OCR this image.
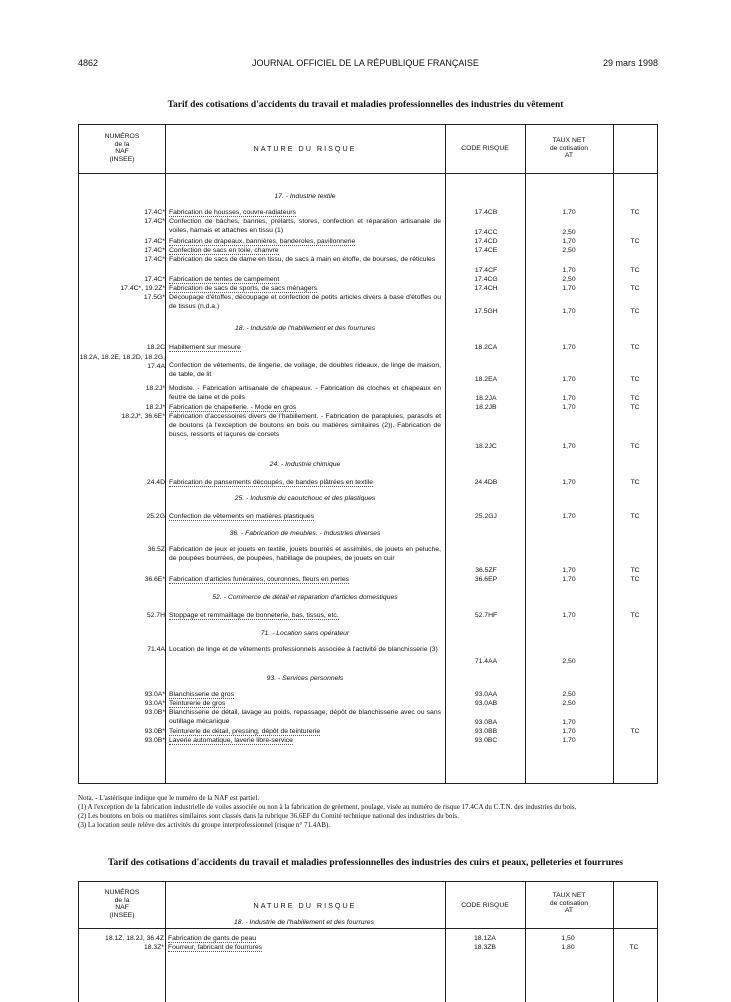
4862	JOURNAL OFFICIEL DE LA RÉPUBLIQUE FRANÇAISE	29 mars 1998
Tarif des cotisations d'accidents du travail et maladies professionnelles des industries du vêtement
NUMÉROS
de la
NAF
(INSEE)
NATURE DU RISQUE	CODE RISQUE
TAUX NET
de cotisation
AT
17. - Industrie textile
17.4C* Fabrication de housses, couvre-radiateurs	17.4CB	1,70	TC
17.4C* Confection de bâches, bannes, prélarts, stores, confection et réparation artisanale de voiles, harnais et attaches en tissu (1)	17.4CC	2,50
17.4C* Fabrication de drapeaux, bannières, banderoles, pavillonnerie	17.4CD	1,70	TC
17.4C* Confection de sacs en toile, chanvre	17.4CE	2,50
17.4C* Fabrication de sacs de dame en tissu, de sacs à main en étoffe, de bourses, de réticules
17.4CF	1,70	TC
17.4C* Fabrication de tentes de campement	17.4CG	2,50
17.4C*, 19.2Z* Fabrication de sacs de sports, de sacs ménagers	17.4CH	1,70	TC
17.5G* Découpage d'étoffes, découpage et confection de petits articles divers à base d'étoffes ou de tissus (n.d.a.)
17.5GH	1,70	TC
18. - Industrie de l'habillement et des fourrures
18.2C Habillement sur mesure	18.2CA	1,70	TC
18.2A, 18.2E, 18.2D, 18.2G, 17.4A Confection de vêtements, de lingerie, de voilage, de doubles rideaux, de linge de maison, de table, de lit
18.2EA	1,70	TC
18.2J* Modiste. - Fabrication artisanale de chapeaux. - Fabrication de cloches et chapeaux en feutre de laine et de poils	18.2JA	1,70	TC
18.2J* Fabrication de chapellerie. - Mode en gros	18.2JB	1,70	TC
18.2J*, 36.6E* Fabrication d'accessoires divers de l'habillement. - Fabrication de parapluies, parasols et de boutons (à l'exception de boutons en bois ou matières similaires (2)). Fabrication de buscs, ressorts et laçures de corsets
18.2JC	1,70	TC
24. - Industrie chimique
24.4D Fabrication de pansements découpés, de bandes plâtrées en textile	24.4DB	1,70	TC
25. - Industrie du caoutchouc et des plastiques
25.2G Confection de vêtements en matières plastiques	25.2GJ	1,70	TC
36. - Fabrication de meubles. - Industries diverses
36.5Z Fabrication de jeux et jouets en textile, jouets bourrés et assimilés, de jouets en peluche, de poupées bourrées, de poupées, habillage de poupées, de jouets en cuir
36.5ZF	1,70	TC
36.6E* Fabrication d'articles funéraires, couronnes, fleurs en perles	36.6EP	1,70	TC
52. - Commerce de détail et réparation d'articles domestiques
52.7H Stoppage et remmaillage de bonneterie, bas, tissus, etc.	52.7HF	1,70	TC
71. - Location sans opérateur
71.4A Location de linge et de vêtements professionnels associée à l'activité de blanchisserie (3)
71.4AA	2,50
93. - Services personnels
93.0A* Blanchisserie de gros	93.0AA	2,50
93.0A* Teinturerie de gros	93.0AB	2,50
93.0B* Blanchisserie de détail, lavage au poids, repassage, dépôt de blanchisserie avec ou sans outillage mécanique	93.0BA	1,70
93.0B* Teinturerie de détail, pressing, dépôt de teinturerie	93.0BB	1,70	TC
93.0B* Laverie automatique, laverie libre-service	93.0BC	1,70
Nota. - L'astérisque indique que le numéro de la NAF est partiel.
(1) A l'exception de la fabrication industrielle de voiles associée ou non à la fabrication de gréement, poulage, visée au numéro de risque 17.4CA du C.T.N. des industries du bois.
(2) Les boutons en bois ou matières similaires sont classés dans la rubrique 36.6EF du Comité technique national des industries du bois.
(3) La location seule relève des activités du groupe interprofessionnel (risque n° 71.4AB).
Tarif des cotisations d'accidents du travail et maladies professionnelles des industries des cuirs et peaux, pelleteries et fourrures
NUMÉROS
de la
NAF
(INSEE)
NATURE DU RISQUE	CODE RISQUE
TAUX NET
de cotisation
AT
18. - Industrie de l'habillement et des fourrures
18.1Z, 18.2J, 36.4Z Fabrication de gants de peau	18.1ZA	1,50
18.3Z* Fourreur, fabricant de fourrures	18.3ZB	1,80	TC
